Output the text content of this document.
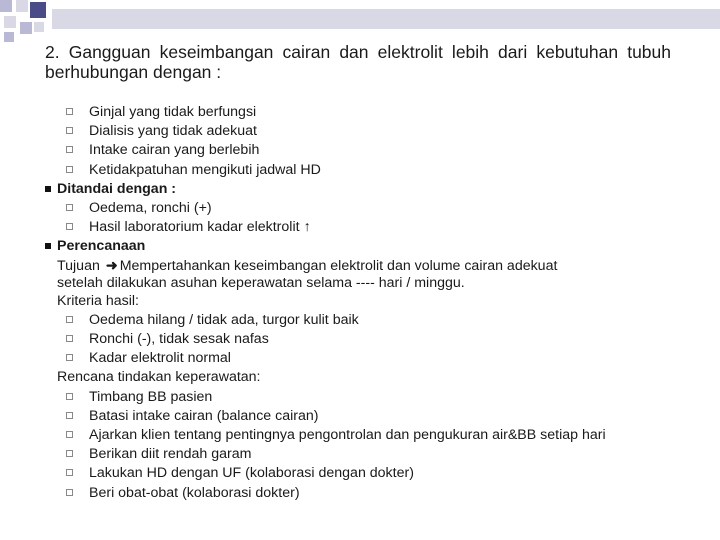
2. Gangguan keseimbangan cairan dan elektrolit lebih dari kebutuhan tubuh berhubungan dengan :
Ginjal yang tidak berfungsi
Dialisis yang tidak adekuat
Intake cairan yang berlebih
Ketidakpatuhan mengikuti jadwal HD
Ditandai dengan :
Oedema, ronchi (+)
Hasil laboratorium kadar elektrolit ↑
Perencanaan
Tujuan ➜ Mempertahankan keseimbangan elektrolit dan volume cairan adekuat
setelah dilakukan asuhan keperawatan selama ---- hari / minggu.
Kriteria hasil:
Oedema hilang / tidak ada, turgor kulit baik
Ronchi (-), tidak sesak nafas
Kadar elektrolit normal
Rencana tindakan keperawatan:
Timbang BB pasien
Batasi intake cairan (balance cairan)
Ajarkan klien tentang pentingnya pengontrolan dan pengukuran air&BB setiap hari
Berikan diit rendah garam
Lakukan HD dengan UF (kolaborasi dengan dokter)
Beri obat-obat (kolaborasi dokter)
